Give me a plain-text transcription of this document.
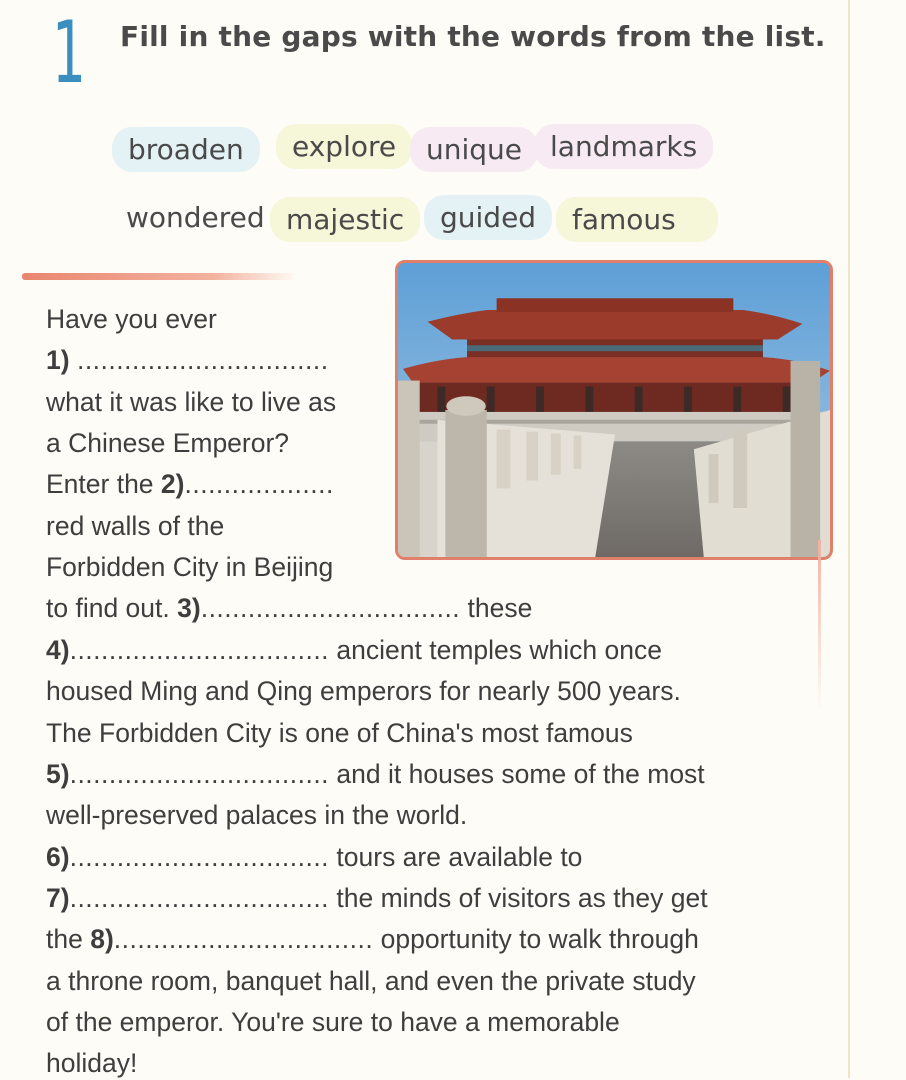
1 Fill in the gaps with the words from the list.
broaden	explore	unique landmarks
wondered majestic	guided	famous
Have you ever
1) ................................
what it was like to live as
a Chinese Emperor?
Enter the 2)...................
red walls of the
Forbidden City in Beijing
to find out. 3)................................. these
4)................................. ancient temples which once
housed Ming and Qing emperors for nearly 500 years.
The Forbidden City is one of China's most famous
5)................................. and it houses some of the most
well-preserved palaces in the world.
6)................................. tours are available to
7)................................. the minds of visitors as they get
the 8)................................. opportunity to walk through
a throne room, banquet hall, and even the private study
of the emperor. You're sure to have a memorable
holiday!
